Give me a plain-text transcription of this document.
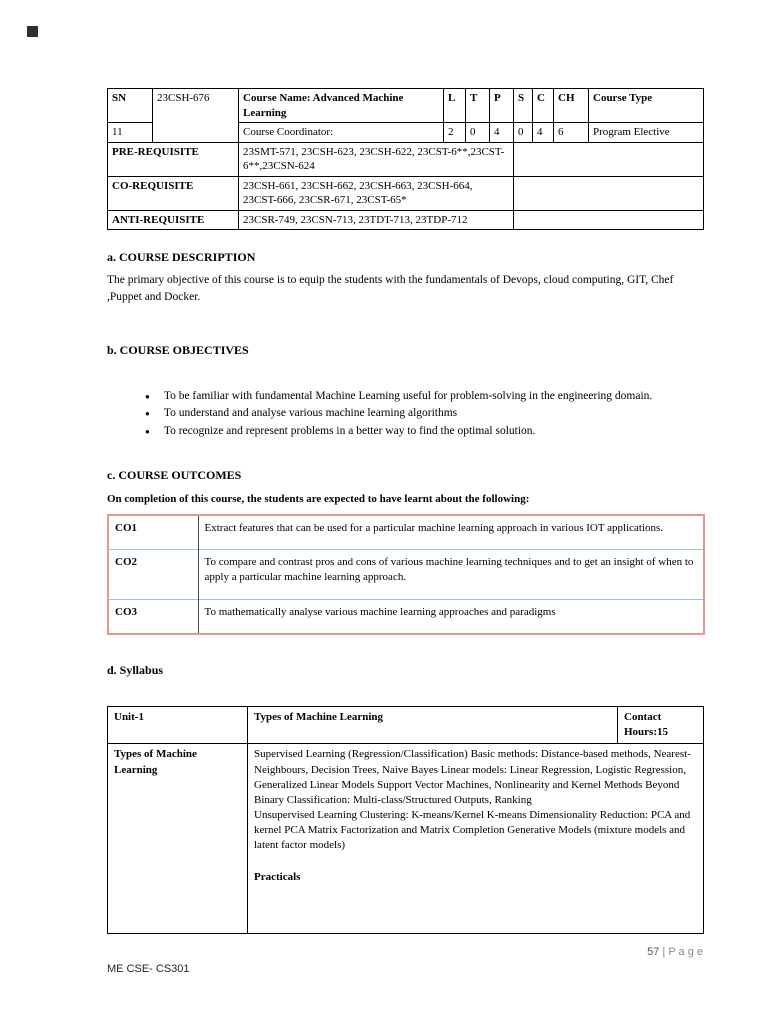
SN	23CSH-676	Course Name: Advanced Machine Learning	L	T	P	S	C	CH	Course Type
11		Course Coordinator:	2	0	4	0	4	6	Program Elective
PRE-REQUISITE		23SMT-571, 23CSH-623, 23CSH-622, 23CST-6**,23CST-6**,23CSN-624							
CO-REQUISITE		23CSH-661, 23CSH-662, 23CSH-663, 23CSH-664, 23CST-666, 23CSR-671, 23CST-65*							
ANTI-REQUISITE		23CSR-749, 23CSN-713, 23TDT-713, 23TDP-712							
a. COURSE DESCRIPTION
The primary objective of this course is to equip the students with the fundamentals of Devops, cloud computing, GIT, Chef ,Puppet and Docker.
b. COURSE OBJECTIVES
● To be familiar with fundamental Machine Learning useful for problem-solving in the engineering domain.
● To understand and analyse various machine learning algorithms
● To recognize and represent problems in a better way to find the optimal solution.
c. COURSE OUTCOMES
On completion of this course, the students are expected to have learnt about the following:
CO1	Extract features that can be used for a particular machine learning approach in various IOT applications.
CO2	To compare and contrast pros and cons of various machine learning techniques and to get an insight of when to apply a particular machine learning approach.
CO3	To mathematically analyse various machine learning approaches and paradigms
d. Syllabus
Unit-1	Types of Machine Learning	Contact Hours:15
Types of Machine Learning	Supervised Learning (Regression/Classification) Basic methods: Distance-based methods, Nearest-Neighbours, Decision Trees, Naive Bayes Linear models: Linear Regression, Logistic Regression, Generalized Linear Models Support Vector Machines, Nonlinearity and Kernel Methods Beyond Binary Classification: Multi-class/Structured Outputs, Ranking
Unsupervised Learning Clustering: K-means/Kernel K-means Dimensionality Reduction: PCA and kernel PCA Matrix Factorization and Matrix Completion Generative Models (mixture models and latent factor models)
Practicals	
57 | P a g e
ME CSE- CS301
